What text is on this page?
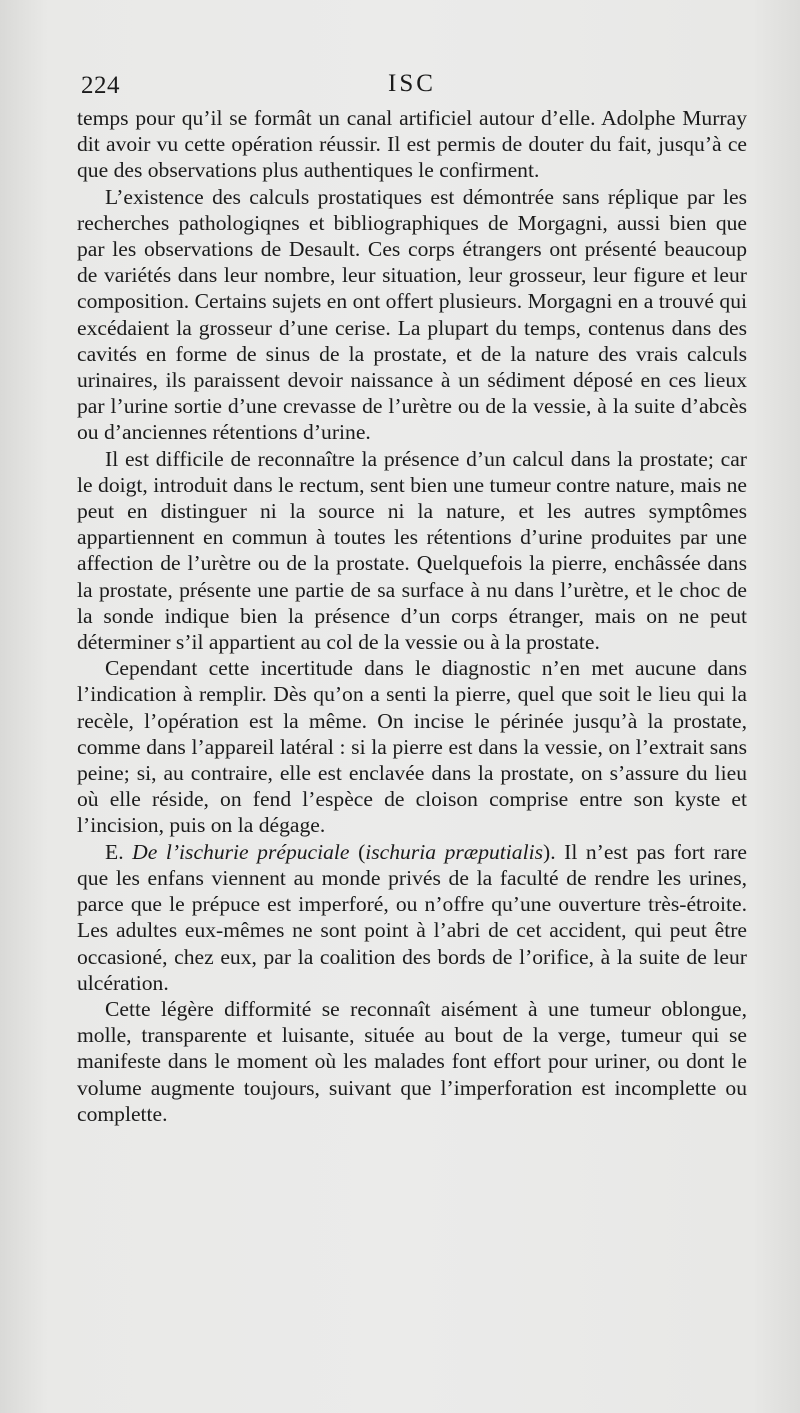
224	ISC

temps pour qu’il se formât un canal artificiel autour d’elle. Adolphe Murray dit avoir vu cette opération réussir. Il est permis de douter du fait, jusqu’à ce que des observations plus authentiques le confirment.

L’existence des calculs prostatiques est démontrée sans réplique par les recherches pathologiqnes et bibliographiques de Morgagni, aussi bien que par les observations de Desault. Ces corps étrangers ont présenté beaucoup de variétés dans leur nombre, leur situation, leur grosseur, leur figure et leur composition. Certains sujets en ont offert plusieurs. Morgagni en a trouvé qui excédaient la grosseur d’une cerise. La plupart du temps, contenus dans des cavités en forme de sinus de la prostate, et de la nature des vrais calculs urinaires, ils paraissent devoir naissance à un sédiment déposé en ces lieux par l’urine sortie d’une crevasse de l’urètre ou de la vessie, à la suite d’abcès ou d’anciennes rétentions d’urine.

Il est difficile de reconnaître la présence d’un calcul dans la prostate; car le doigt, introduit dans le rectum, sent bien une tumeur contre nature, mais ne peut en distinguer ni la source ni la nature, et les autres symptômes appartiennent en commun à toutes les rétentions d’urine produites par une affection de l’urètre ou de la prostate. Quelquefois la pierre, enchâssée dans la prostate, présente une partie de sa surface à nu dans l’urètre, et le choc de la sonde indique bien la présence d’un corps étranger, mais on ne peut déterminer s’il appartient au col de la vessie ou à la prostate.

Cependant cette incertitude dans le diagnostic n’en met aucune dans l’indication à remplir. Dès qu’on a senti la pierre, quel que soit le lieu qui la recèle, l’opération est la même. On incise le périnée jusqu’à la prostate, comme dans l’appareil latéral : si la pierre est dans la vessie, on l’extrait sans peine; si, au contraire, elle est enclavée dans la prostate, on s’assure du lieu où elle réside, on fend l’espèce de cloison comprise entre son kyste et l’incision, puis on la dégage.

E. De l’ischurie prépuciale (ischuria præputialis). Il n’est pas fort rare que les enfans viennent au monde privés de la faculté de rendre les urines, parce que le prépuce est imperforé, ou n’offre qu’une ouverture très-étroite. Les adultes eux-mêmes ne sont point à l’abri de cet accident, qui peut être occasioné, chez eux, par la coalition des bords de l’orifice, à la suite de leur ulcération.

Cette légère difformité se reconnaît aisément à une tumeur oblongue, molle, transparente et luisante, située au bout de la verge, tumeur qui se manifeste dans le moment où les malades font effort pour uriner, ou dont le volume augmente toujours, suivant que l’imperforation est incomplette ou complette.
